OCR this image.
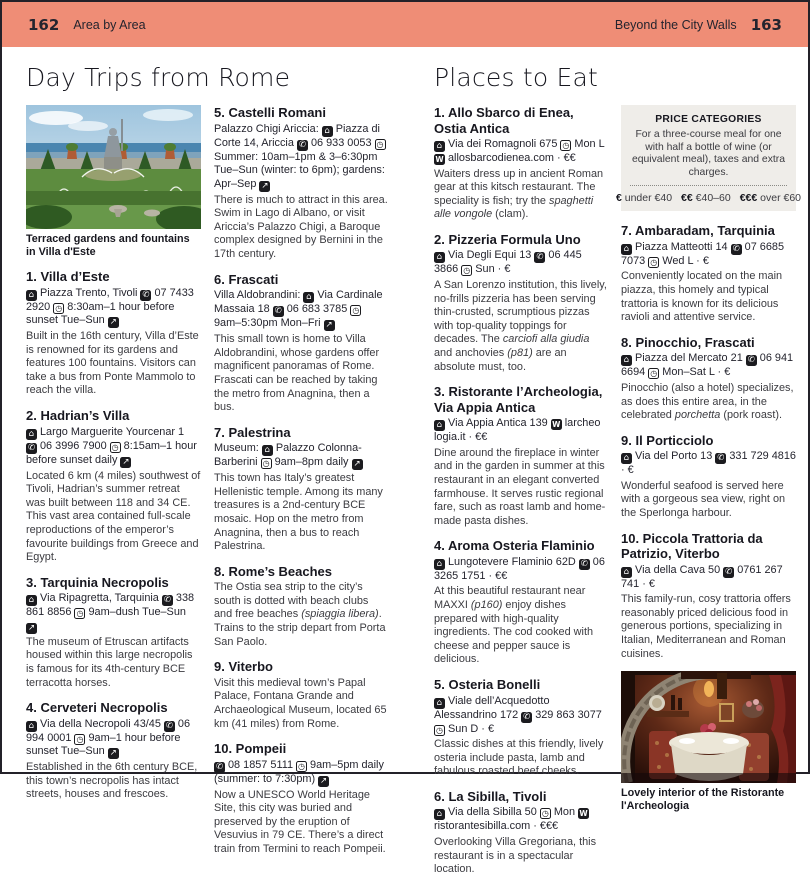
162 Area by Area	Beyond the City Walls 163
Day Trips from Rome
Terraced gardens and fountains in Villa d'Este
1. Villa d’Este

⌂ Piazza Trento, Tivoli ✆ 07 7433 2920 ◷ 8:30am–1 hour before sunset Tue–Sun ↗

Built in the 16th century, Villa d’Este is renowned for its gardens and features 100 fountains. Visitors can take a bus from Ponte Mammolo to reach the villa.

2. Hadrian’s Villa

⌂ Largo Marguerite Yourcenar 1 ✆ 06 3996 7900 ◷ 8:15am–1 hour before sunset daily ↗

Located 6 km (4 miles) southwest of Tivoli, Hadrian’s summer retreat was built between 118 and 34 CE. This vast area contained full-scale reproductions of the emperor’s favourite buildings from Greece and Egypt.

3. Tarquinia Necropolis

⌂ Via Ripagretta, Tarquinia ✆ 338 861 8856 ◷ 9am–dush Tue–Sun ↗

The museum of Etruscan artifacts housed within this large necropolis is famous for its 4th-century BCE terracotta horses.

4. Cerveteri Necropolis

⌂ Via della Necropoli 43/45 ✆ 06 994 0001 ◷ 9am–1 hour before sunset Tue–Sun ↗

Established in the 6th century BCE, this town’s necropolis has intact streets, houses and frescoes.

5. Castelli Romani

Palazzo Chigi Ariccia: ⌂ Piazza di Corte 14, Ariccia ✆ 06 933 0053 ◷Summer: 10am–1pm & 3–6:30pm Tue–Sun (winter: to 6pm); gardens: Apr–Sep ↗

There is much to attract in this area. Swim in Lago di Albano, or visit Ariccia’s Palazzo Chigi, a Baroque complex designed by Bernini in the 17th century.

6. Frascati

Villa Aldobrandini: ⌂ Via Cardinale Massaia 18 ✆ 06 683 3785 ◷9am–5:30pm Mon–Fri ↗

This small town is home to Villa Aldobrandini, whose gardens offer magnificent panoramas of Rome. Frascati can be reached by taking the metro from Anagnina, then a bus.

7. Palestrina

Museum: ⌂ Palazzo Colonna-Barberini ◷ 9am–8pm daily ↗

This town has Italy’s greatest Hellenistic temple. Among its many treasures is a 2nd-century BCE mosaic. Hop on the metro from Anagnina, then a bus to reach Palestrina.

8. Rome’s Beaches

The Ostia sea strip to the city’s south is dotted with beach clubs and free beaches (spiaggia libera). Trains to the strip depart from Porta San Paolo.

9. Viterbo

Visit this medieval town’s Papal Palace, Fontana Grande and Archaeological Museum, located 65 km (41 miles) from Rome.

10. Pompeii

✆ 08 1857 5111 ◷ 9am–5pm daily (summer: to 7:30pm) ↗

Now a UNESCO World Heritage Site, this city was buried and preserved by the eruption of Vesuvius in 79 CE. There’s a direct train from Termini to reach Pompeii.

Places to Eat
1. Allo Sbarco di Enea, Ostia Antica

⌂ Via dei Romagnoli 675 ◷ Mon L W allosbarcodienea.com · €€

Waiters dress up in ancient Roman gear at this kitsch restaurant. The speciality is fish; try the spaghetti alle vongole (clam).

2. Pizzeria Formula Uno

⌂ Via Degli Equi 13 ✆ 06 445 3866 ◷ Sun · €

A San Lorenzo institution, this lively, no-frills pizzeria has been serving thin-crusted, scrumptious pizzas with top-quality toppings for decades. The carciofi alla giudia and anchovies (p81) are an absolute must, too.

3. Ristorante l’Archeologia, Via Appia Antica

⌂ Via Appia Antica 139 W larcheo logia.it · €€

Dine around the fireplace in winter and in the garden in summer at this restaurant in an elegant converted farmhouse. It serves rustic regional fare, such as roast lamb and home-made pasta dishes.

4. Aroma Osteria Flaminio

⌂ Lungotevere Flaminio 62D ✆ 06 3265 1751 · €€

At this beautiful restaurant near MAXXI (p160) enjoy dishes prepared with high-quality ingredients. The cod cooked with cheese and pepper sauce is delicious.

5. Osteria Bonelli

⌂ Viale dell’Acquedotto Alessandrino 172 ✆ 329 863 3077 ◷ Sun D · €

Classic dishes at this friendly, lively osteria include pasta, lamb and fabulous roasted beef cheeks.

6. La Sibilla, Tivoli

⌂ Via della Sibilla 50 ◷ Mon Wristorantesibilla.com · €€€

Overlooking Villa Gregoriana, this restaurant is in a spectacular location.

PRICE CATEGORIES
For a three-course meal for one with half a bottle of wine (or equivalent meal), taxes and extra charges.
€ under €40 €€ €40–60 €€€ over €60
7. Ambaradam, Tarquinia

⌂ Piazza Matteotti 14 ✆ 07 6685 7073 ◷ Wed L · €

Conveniently located on the main piazza, this homely and typical trattoria is known for its delicious ravioli and attentive service.

8. Pinocchio, Frascati

⌂ Piazza del Mercato 21 ✆ 06 941 6694 ◷ Mon–Sat L · €

Pinocchio (also a hotel) specializes, as does this entire area, in the celebrated porchetta (pork roast).

9. Il Porticciolo

⌂ Via del Porto 13 ✆ 331 729 4816 · €

Wonderful seafood is served here with a gorgeous sea view, right on the Sperlonga harbour.

10. Piccola Trattoria da Patrizio, Viterbo

⌂ Via della Cava 50 ✆ 0761 267 741 · €

This family-run, cosy trattoria offers reasonably priced delicious food in generous portions, specializing in Italian, Mediterranean and Roman cuisines.

Lovely interior of the Ristorante l'Archeologia
